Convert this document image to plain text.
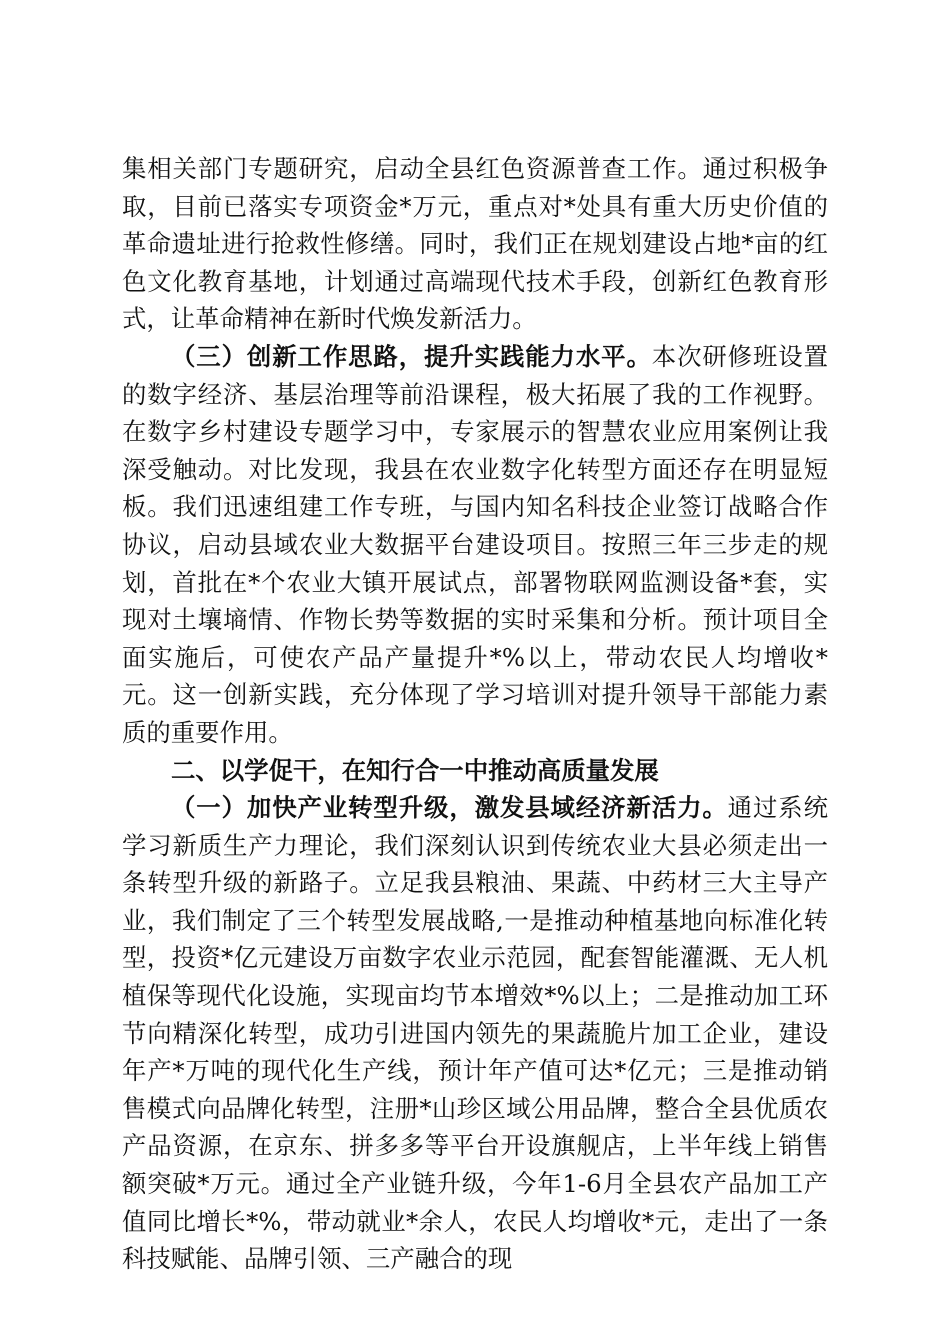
集相关部门专题研究，启动全县红色资源普查工作。通过积极争取，目前已落实专项资金*万元，重点对*处具有重大历史价值的革命遗址进行抢救性修缮。同时，我们正在规划建设占地*亩的红色文化教育基地，计划通过高端现代技术手段，创新红色教育形式，让革命精神在新时代焕发新活力。

（三）创新工作思路，提升实践能力水平。本次研修班设置的数字经济、基层治理等前沿课程，极大拓展了我的工作视野。在数字乡村建设专题学习中，专家展示的智慧农业应用案例让我深受触动。对比发现，我县在农业数字化转型方面还存在明显短板。我们迅速组建工作专班，与国内知名科技企业签订战略合作协议，启动县域农业大数据平台建设项目。按照三年三步走的规划，首批在*个农业大镇开展试点，部署物联网监测设备*套，实现对土壤墒情、作物长势等数据的实时采集和分析。预计项目全面实施后，可使农产品产量提升*%以上，带动农民人均增收*元。这一创新实践，充分体现了学习培训对提升领导干部能力素质的重要作用。

二、以学促干，在知行合一中推动高质量发展

（一）加快产业转型升级，激发县域经济新活力。通过系统学习新质生产力理论，我们深刻认识到传统农业大县必须走出一条转型升级的新路子。立足我县粮油、果蔬、中药材三大主导产业，我们制定了三个转型发展战略,一是推动种植基地向标准化转型，投资*亿元建设万亩数字农业示范园，配套智能灌溉、无人机植保等现代化设施，实现亩均节本增效*%以上；二是推动加工环节向精深化转型，成功引进国内领先的果蔬脆片加工企业，建设年产*万吨的现代化生产线，预计年产值可达*亿元；三是推动销售模式向品牌化转型，注册*山珍区域公用品牌，整合全县优质农产品资源，在京东、拼多多等平台开设旗舰店，上半年线上销售额突破*万元。通过全产业链升级，今年1-6月全县农产品加工产值同比增长*%，带动就业*余人，农民人均增收*元，走出了一条科技赋能、品牌引领、三产融合的现
